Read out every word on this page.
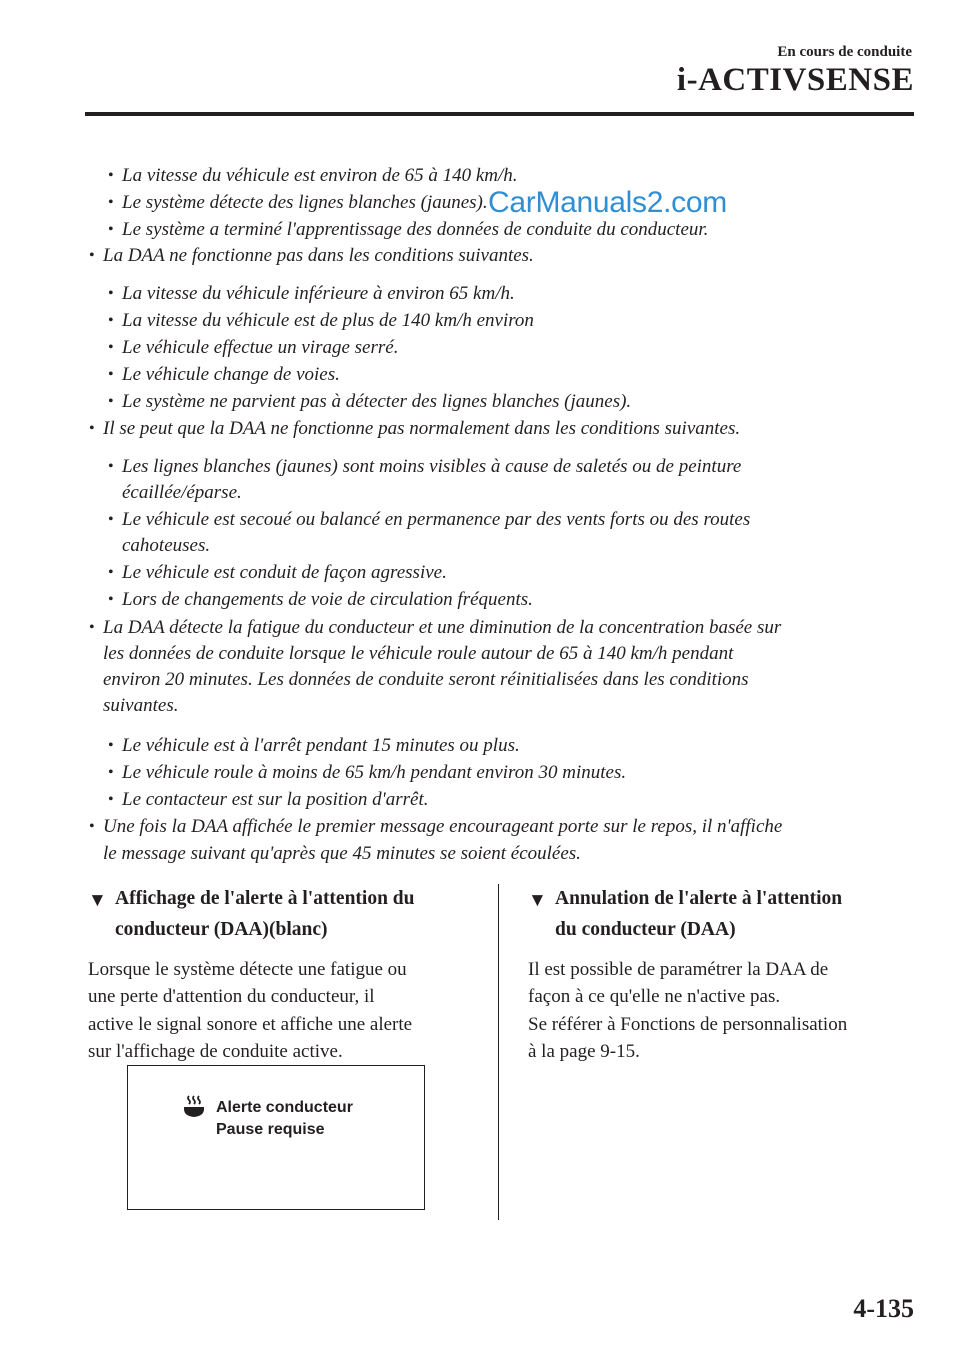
En cours de conduite
i-ACTIVSENSE
• La vitesse du véhicule est environ de 65 à 140 km/h.
• Le système détecte des lignes blanches (jaunes).
• Le système a terminé l'apprentissage des données de conduite du conducteur.
• La DAA ne fonctionne pas dans les conditions suivantes.
• La vitesse du véhicule inférieure à environ 65 km/h.
• La vitesse du véhicule est de plus de 140 km/h environ
• Le véhicule effectue un virage serré.
• Le véhicule change de voies.
• Le système ne parvient pas à détecter des lignes blanches (jaunes).
• Il se peut que la DAA ne fonctionne pas normalement dans les conditions suivantes.
• Les lignes blanches (jaunes) sont moins visibles à cause de saletés ou de peinture
écaillée/éparse.
• Le véhicule est secoué ou balancé en permanence par des vents forts ou des routes
cahoteuses.
• Le véhicule est conduit de façon agressive.
• Lors de changements de voie de circulation fréquents.
• La DAA détecte la fatigue du conducteur et une diminution de la concentration basée sur
les données de conduite lorsque le véhicule roule autour de 65 à 140 km/h pendant
environ 20 minutes. Les données de conduite seront réinitialisées dans les conditions
suivantes.
• Le véhicule est à l'arrêt pendant 15 minutes ou plus.
• Le véhicule roule à moins de 65 km/h pendant environ 30 minutes.
• Le contacteur est sur la position d'arrêt.
• Une fois la DAA affichée le premier message encourageant porte sur le repos, il n'affiche
le message suivant qu'après que 45 minutes se soient écoulées.
CarManuals2.com
▼ Affichage de l'alerte à l'attention du
conducteur (DAA)(blanc)
Lorsque le système détecte une fatigue ou
une perte d'attention du conducteur, il
active le signal sonore et affiche une alerte
sur l'affichage de conduite active.
Alerte conducteur
Pause requise
▼ Annulation de l'alerte à l'attention
du conducteur (DAA)
Il est possible de paramétrer la DAA de
façon à ce qu'elle ne n'active pas.
Se référer à Fonctions de personnalisation
à la page 9-15.
4-135
